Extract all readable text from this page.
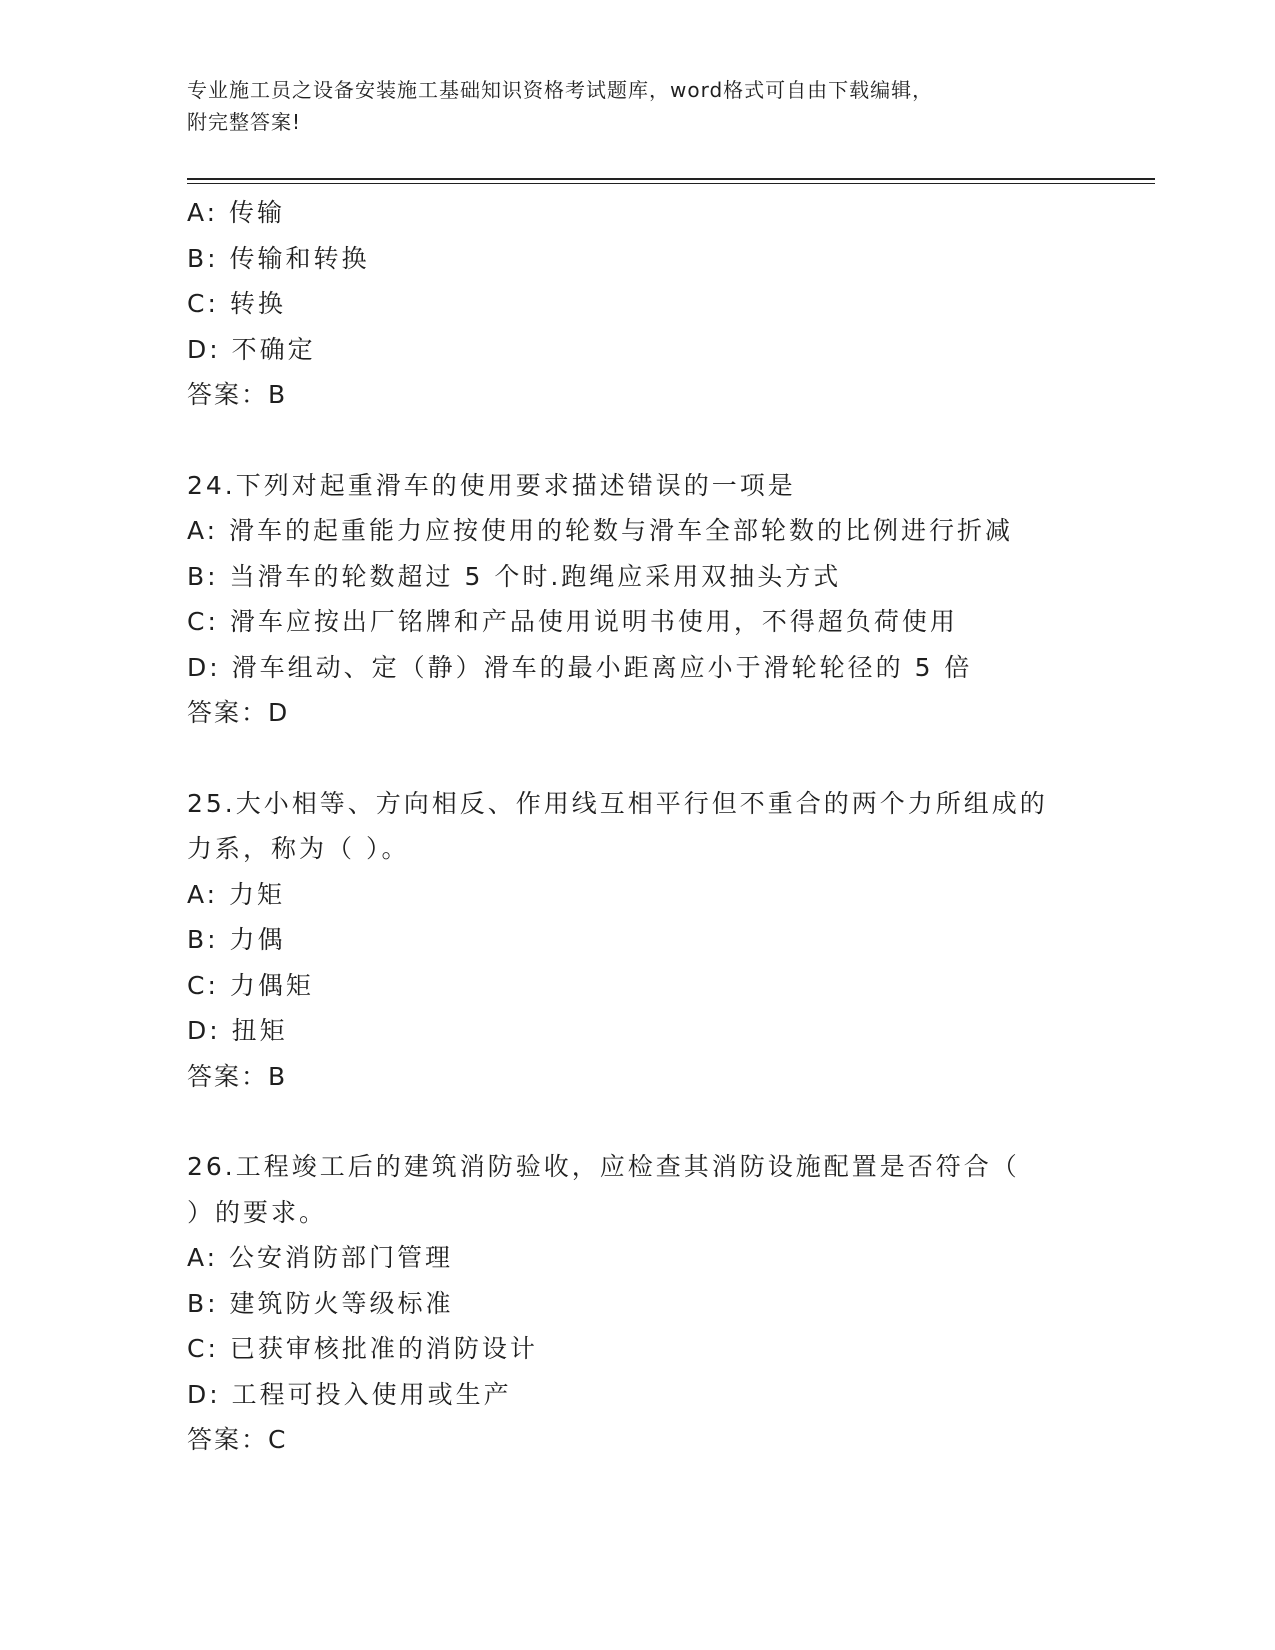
专业施工员之设备安装施工基础知识资格考试题库，word格式可自由下载编辑，
附完整答案!
A: 传输
B: 传输和转换
C: 转换
D: 不确定
答案：B
24.下列对起重滑车的使用要求描述错误的一项是
A: 滑车的起重能力应按使用的轮数与滑车全部轮数的比例进行折减
B: 当滑车的轮数超过 5 个时.跑绳应采用双抽头方式
C: 滑车应按出厂铭牌和产品使用说明书使用，不得超负荷使用
D: 滑车组动、定（静）滑车的最小距离应小于滑轮轮径的 5 倍
答案：D
25.大小相等、方向相反、作用线互相平行但不重合的两个力所组成的
力系，称为（ ）。
A: 力矩
B: 力偶
C: 力偶矩
D: 扭矩
答案：B
26.工程竣工后的建筑消防验收，应检查其消防设施配置是否符合（
）的要求。
A: 公安消防部门管理
B: 建筑防火等级标准
C: 已获审核批准的消防设计
D: 工程可投入使用或生产
答案：C
